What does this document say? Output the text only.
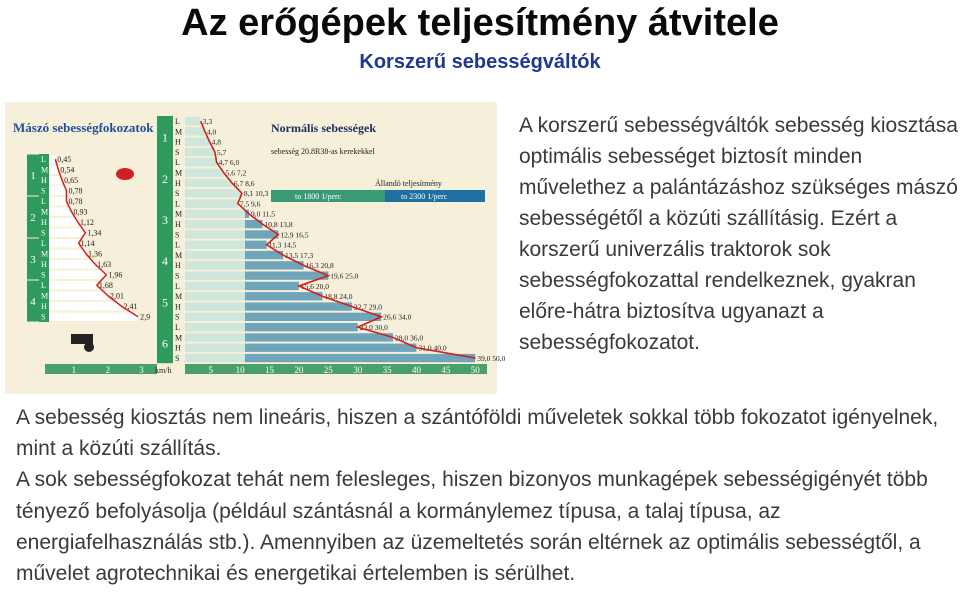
Az erőgépek teljesítmény átvitele
Korszerű sebességváltók
Mászó sebességfokozatok
1
L 0,45
M 0,54
H 0,65
S	0,78
2
L	0,78
M	0,93
H	1,12
S	1,34
3
L	1,14
M	1,36
H	1,63
S	1,96
4
L	1,68
M	2,01
H	2,41
S	2,9
1	2	3 km/h
Normális sebességek
sebesség 20.8R38-as kerekekkel
Állandó teljesítmény
to 1800 1/perc	to 2300 1/perc
1
L	3,3
M	4,0
H	4,8
S	5,7
2
L	4,7 6,0
M	5,6 7,2
H	6,7 8,6
S	8,1 10,3
3
L	7,5 9,6
M	9,0 11,5
H	10,8 13,8
S	12,9 16,5
4
L	11,3 14,5
M	13,5 17,3
H	16,3 20,8
S	19,6 25,0
5
L	15,6 20,0
M	18,8 24,0
H	22,7 29,0
S	26,6 34,0
6
L	23,0 30,0
M	28,0 36,0
H	31,0 40,0
S	39,0 50,0
5	10 15 20 25 30 35 40 45 50

A korszerű sebességváltók sebesség kiosztása optimális sebességet biztosít minden művelethez a palántázáshoz szükséges mászó sebességétől a közúti szállításig. Ezért a korszerű univerzális traktorok sok sebességfokozattal rendelkeznek, gyakran előre-hátra biztosítva ugyanazt a sebességfokozatot.

A sebesség kiosztás nem lineáris, hiszen a szántóföldi műveletek sokkal több fokozatot igényelnek, mint a közúti szállítás.

A sok sebességfokozat tehát nem felesleges, hiszen bizonyos munkagépek sebességigényét több tényező befolyásolja (például szántásnál a kormánylemez típusa, a talaj típusa, az energiafelhasználás stb.). Amennyiben az üzemeltetés során eltérnek az optimális sebességtől, a művelet agrotechnikai és energetikai értelemben is sérülhet.
